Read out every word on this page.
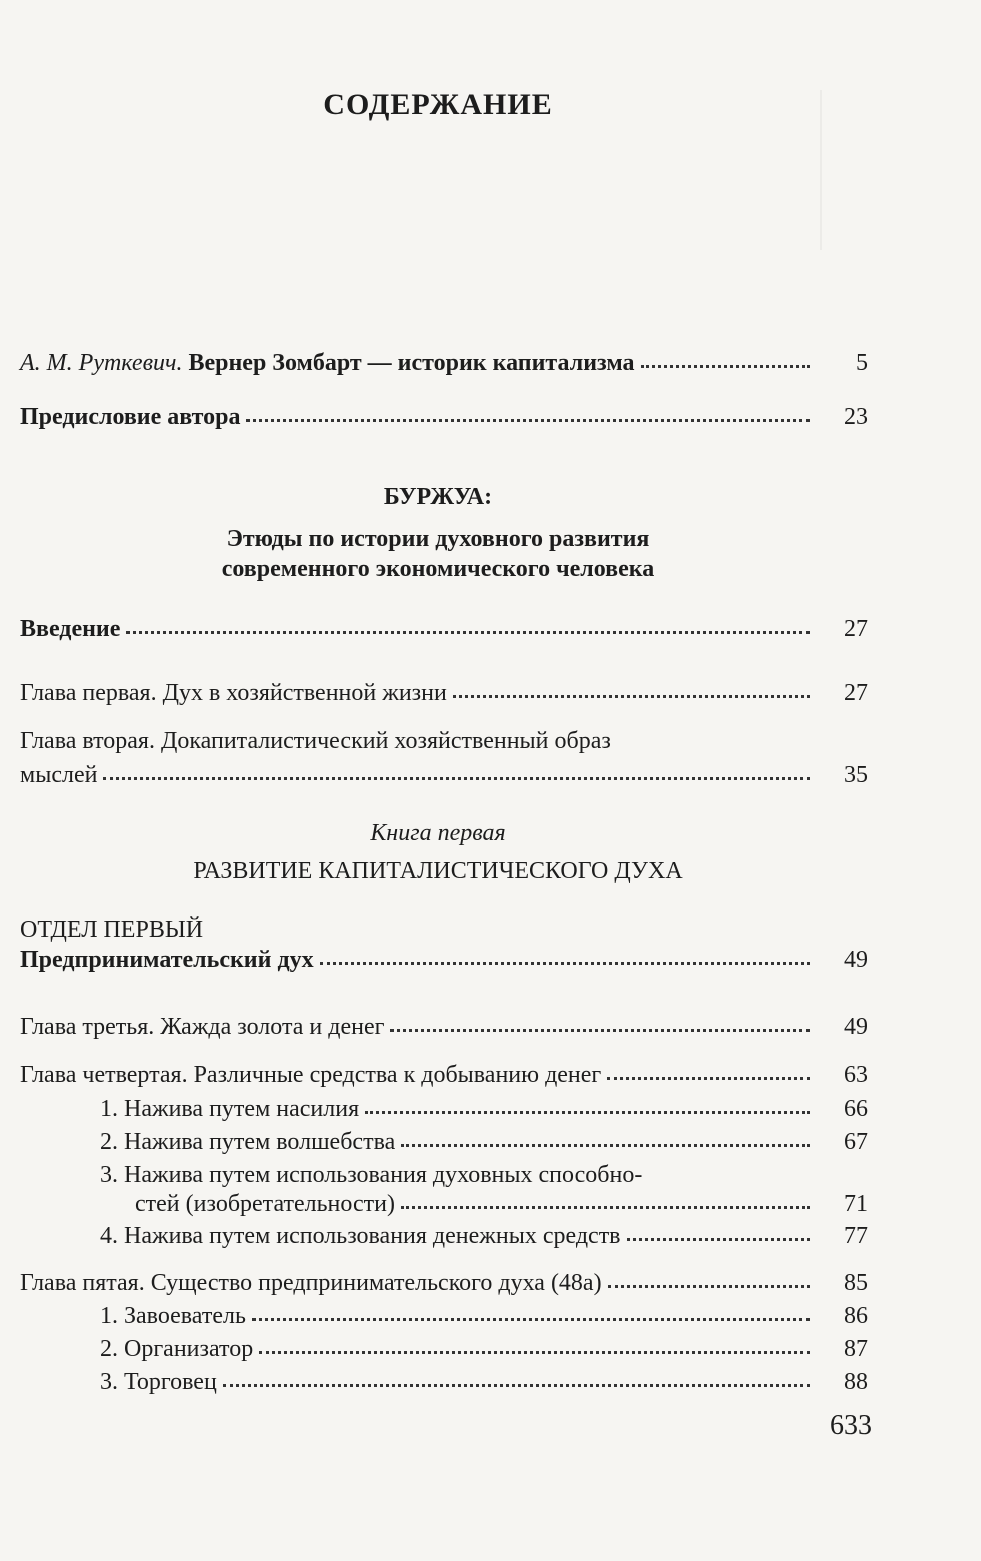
СОДЕРЖАНИЕ
А. М. Руткевич. Вернер Зомбарт — историк капитализма	5
Предисловие автора	23
БУРЖУА:
Этюды по истории духовного развития
современного экономического человека
Введение	27
Глава первая. Дух в хозяйственной жизни	27
Глава вторая. Докапиталистический хозяйственный образ
мыслей	35
Книга первая
РАЗВИТИЕ КАПИТАЛИСТИЧЕСКОГО ДУХА
ОТДЕЛ ПЕРВЫЙ
Предпринимательский дух	49
Глава третья. Жажда золота и денег	49
Глава четвертая. Различные средства к добыванию денег	63
1. Нажива путем насилия	66
2. Нажива путем волшебства	67
3. Нажива путем использования духовных способно-
стей (изобретательности)	71
4. Нажива путем использования денежных средств	77
Глава пятая. Существо предпринимательского духа (48а)	85
1. Завоеватель	86
2. Организатор	87
3. Торговец	88
633
